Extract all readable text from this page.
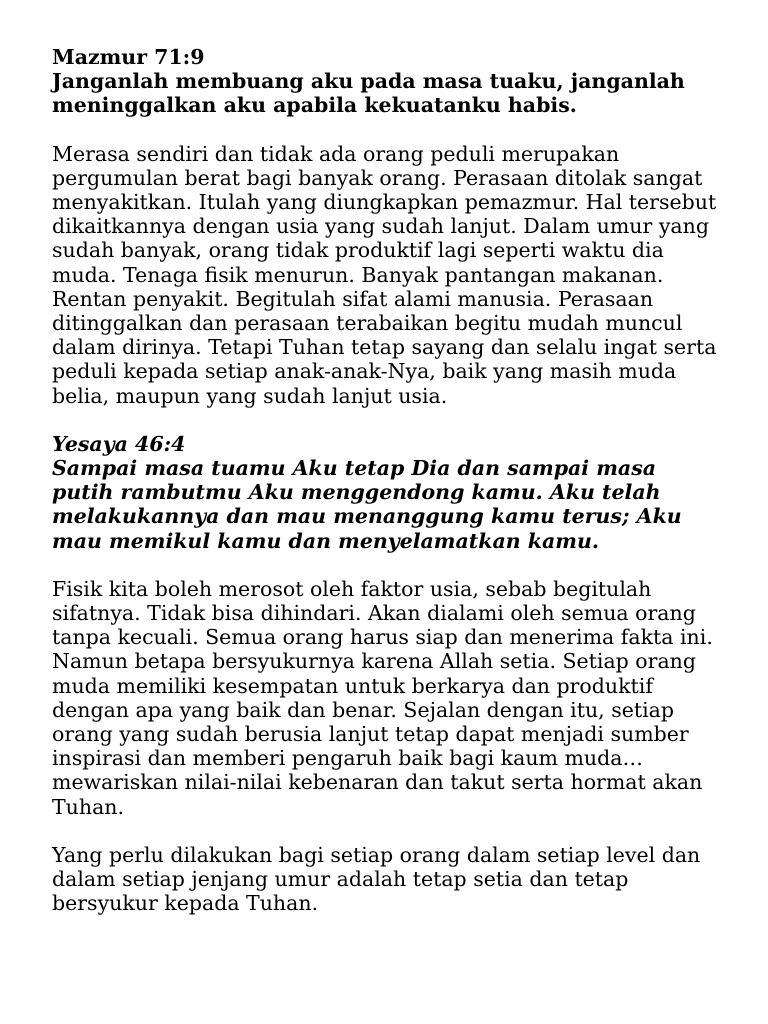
Mazmur 71:9

Janganlah membuang aku pada masa tuaku, janganlah meninggalkan aku apabila kekuatanku habis.

Merasa sendiri dan tidak ada orang peduli merupakan pergumulan berat bagi banyak orang. Perasaan ditolak sangat menyakitkan. Itulah yang diungkapkan pemazmur. Hal tersebut dikaitkannya dengan usia yang sudah lanjut. Dalam umur yang sudah banyak, orang tidak produktif lagi seperti waktu dia muda. Tenaga fisik menurun. Banyak pantangan makanan. Rentan penyakit. Begitulah sifat alami manusia. Perasaan ditinggalkan dan perasaan terabaikan begitu mudah muncul dalam dirinya. Tetapi Tuhan tetap sayang dan selalu ingat serta peduli kepada setiap anak-anak-Nya, baik yang masih muda belia, maupun yang sudah lanjut usia.

Yesaya 46:4

Sampai masa tuamu Aku tetap Dia dan sampai masa putih rambutmu Aku menggendong kamu. Aku telah melakukannya dan mau menanggung kamu terus; Aku mau memikul kamu dan menyelamatkan kamu.

Fisik kita boleh merosot oleh faktor usia, sebab begitulah sifatnya. Tidak bisa dihindari. Akan dialami oleh semua orang tanpa kecuali. Semua orang harus siap dan menerima fakta ini. Namun betapa bersyukurnya karena Allah setia. Setiap orang muda memiliki kesempatan untuk berkarya dan produktif dengan apa yang baik dan benar. Sejalan dengan itu, setiap orang yang sudah berusia lanjut tetap dapat menjadi sumber inspirasi dan memberi pengaruh baik bagi kaum muda… mewariskan nilai-nilai kebenaran dan takut serta hormat akan Tuhan.

Yang perlu dilakukan bagi setiap orang dalam setiap level dan dalam setiap jenjang umur adalah tetap setia dan tetap bersyukur kepada Tuhan.
